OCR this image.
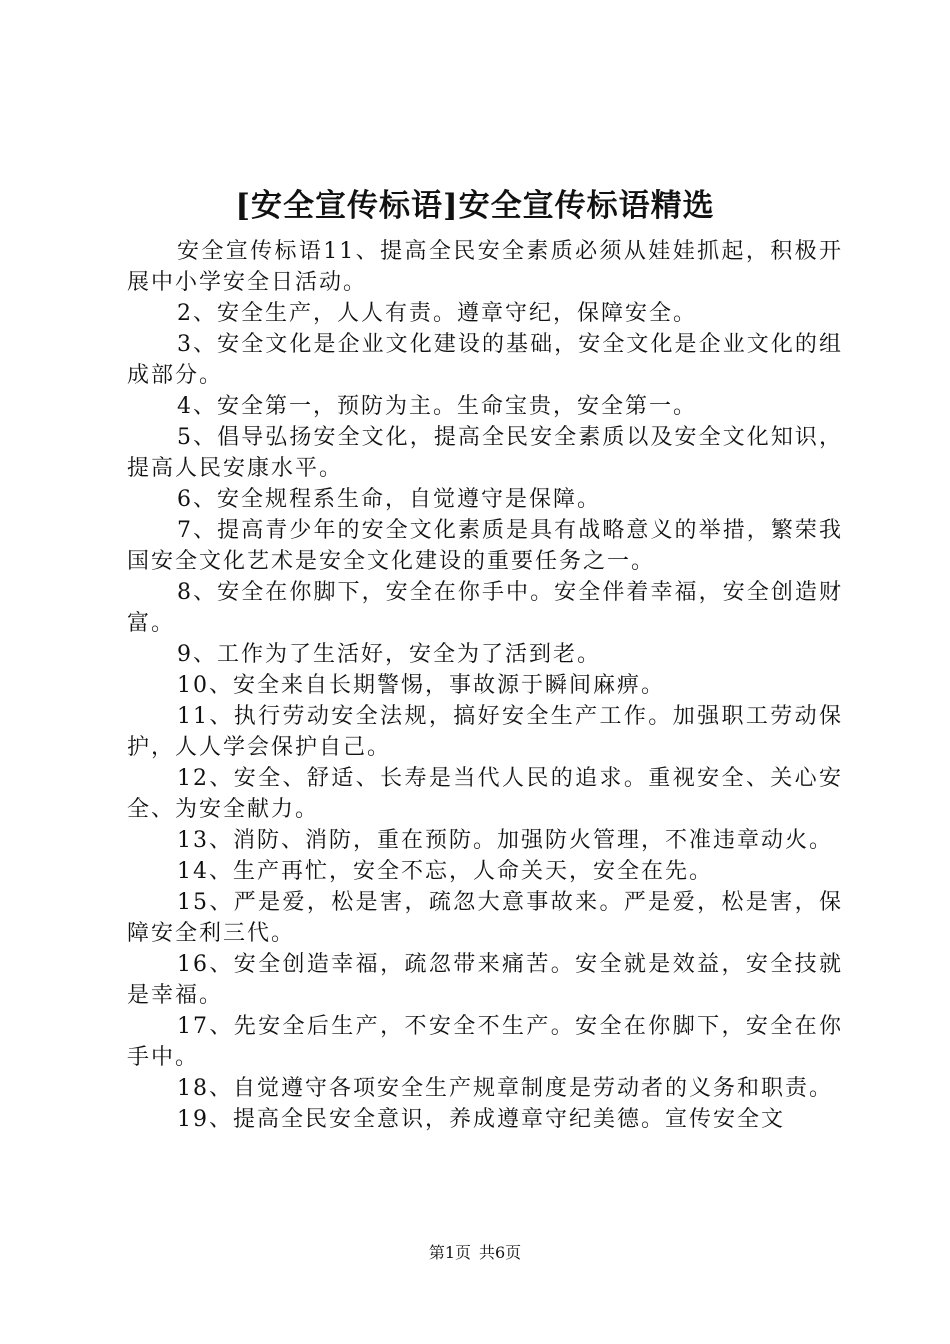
[安全宣传标语]安全宣传标语精选

安全宣传标语11、提高全民安全素质必须从娃娃抓起，积极开展中小学安全日活动。

2、安全生产，人人有责。遵章守纪，保障安全。

3、安全文化是企业文化建设的基础，安全文化是企业文化的组成部分。

4、安全第一，预防为主。生命宝贵，安全第一。

5、倡导弘扬安全文化，提高全民安全素质以及安全文化知识，提高人民安康水平。

6、安全规程系生命，自觉遵守是保障。

7、提高青少年的安全文化素质是具有战略意义的举措，繁荣我国安全文化艺术是安全文化建设的重要任务之一。

8、安全在你脚下，安全在你手中。安全伴着幸福，安全创造财富。

9、工作为了生活好，安全为了活到老。

10、安全来自长期警惕，事故源于瞬间麻痹。

11、执行劳动安全法规，搞好安全生产工作。加强职工劳动保护，人人学会保护自己。

12、安全、舒适、长寿是当代人民的追求。重视安全、关心安全、为安全献力。

13、消防、消防，重在预防。加强防火管理，不准违章动火。

14、生产再忙，安全不忘，人命关天，安全在先。

15、严是爱，松是害，疏忽大意事故来。严是爱，松是害，保障安全利三代。

16、安全创造幸福，疏忽带来痛苦。安全就是效益，安全技就是幸福。

17、先安全后生产，不安全不生产。安全在你脚下，安全在你手中。

18、自觉遵守各项安全生产规章制度是劳动者的义务和职责。

19、提高全民安全意识，养成遵章守纪美德。宣传安全文

第1页 共6页
